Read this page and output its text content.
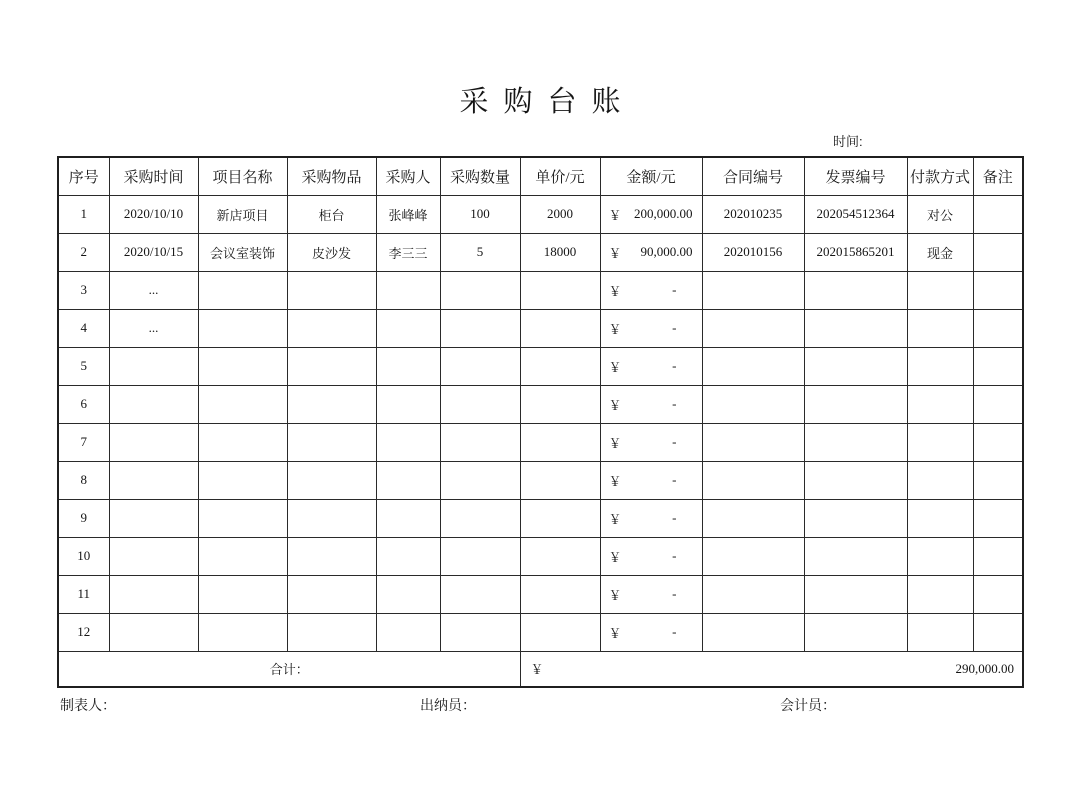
采购台账
时间:
序号	采购时间	项目名称	采购物品	采购人	采购数量	单价/元	金额/元	合同编号	发票编号	付款方式	备注
1	2020/10/10	新店项目	柜台	张峰峰	100	2000	￥ 200,000.00	202010235	202054512364	对公	
2	2020/10/15	会议室装饰	皮沙发	李三三	5	18000	￥ 90,000.00	202010156	202015865201	现金	
3	...						￥ -				

4	...						￥ -				

5							￥ -				

6							￥ -				

7							￥ -				

8							￥ -				

9							￥ -				

10							￥ -				

11							￥ -				

12							￥ -				

合计：						￥ 290,000.00					
制表人：	出纳员：	会计员：
